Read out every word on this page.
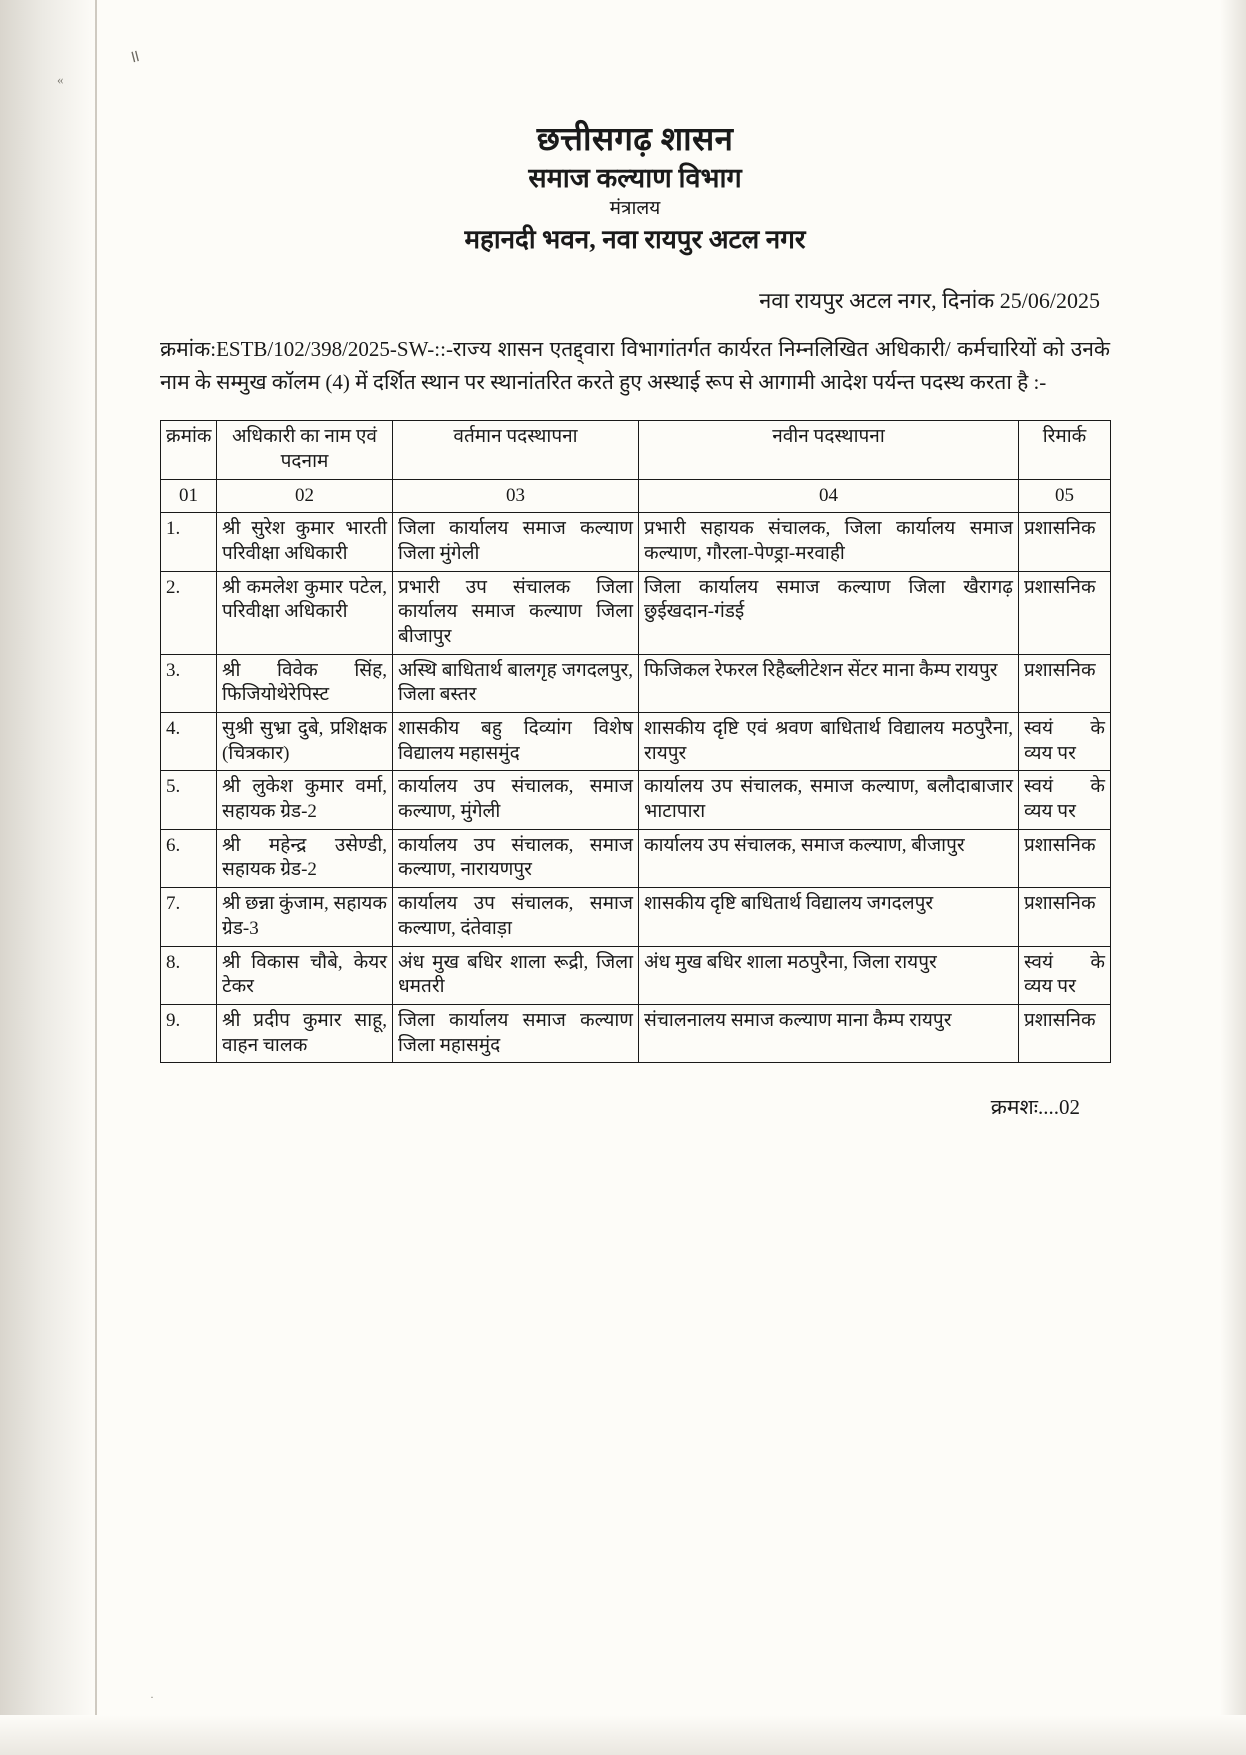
॥
«
·
छत्तीसगढ़ शासन
समाज कल्याण विभाग
मंत्रालय
महानदी भवन, नवा रायपुर अटल नगर
नवा रायपुर अटल नगर, दिनांक 25/06/2025
क्रमांक:ESTB/102/398/2025-SW-::-राज्य शासन एतद्द्वारा विभागांतर्गत कार्यरत निम्नलिखित अधिकारी/ कर्मचारियों को उनके नाम के सम्मुख कॉलम (4) में दर्शित स्थान पर स्थानांतरित करते हुए अस्थाई रूप से आगामी आदेश पर्यन्त पदस्थ करता है :-
क्रमांक	अधिकारी का नाम एवं पदनाम	वर्तमान पदस्थापना	नवीन पदस्थापना	रिमार्क
01	02	03	04	05
1.	श्री सुरेश कुमार भारती परिवीक्षा अधिकारी	जिला कार्यालय समाज कल्याण जिला मुंगेली	प्रभारी सहायक संचालक, जिला कार्यालय समाज कल्याण, गौरला-पेण्ड्रा-मरवाही	प्रशासनिक
2.	श्री कमलेश कुमार पटेल, परिवीक्षा अधिकारी	प्रभारी उप संचालक जिला कार्यालय समाज कल्याण जिला बीजापुर	जिला कार्यालय समाज कल्याण जिला खैरागढ़ छुईखदान-गंडई	प्रशासनिक
3.	श्री विवेक सिंह, फिजियोथेरेपिस्ट	अस्थि बाधितार्थ बालगृह जगदलपुर, जिला बस्तर	फिजिकल रेफरल रिहैब्लीटेशन सेंटर माना कैम्प रायपुर	प्रशासनिक
4.	सुश्री सुभ्रा दुबे, प्रशिक्षक (चित्रकार)	शासकीय बहु दिव्यांग विशेष विद्यालय महासमुंद	शासकीय दृष्टि एवं श्रवण बाधितार्थ विद्यालय मठपुरैना, रायपुर	स्वयं के व्यय पर
5.	श्री लुकेश कुमार वर्मा, सहायक ग्रेड-2	कार्यालय उप संचालक, समाज कल्याण, मुंगेली	कार्यालय उप संचालक, समाज कल्याण, बलौदाबाजार भाटापारा	स्वयं के व्यय पर
6.	श्री महेन्द्र उसेण्डी, सहायक ग्रेड-2	कार्यालय उप संचालक, समाज कल्याण, नारायणपुर	कार्यालय उप संचालक, समाज कल्याण, बीजापुर	प्रशासनिक
7.	श्री छन्ना कुंजाम, सहायक ग्रेड-3	कार्यालय उप संचालक, समाज कल्याण, दंतेवाड़ा	शासकीय दृष्टि बाधितार्थ विद्यालय जगदलपुर	प्रशासनिक
8.	श्री विकास चौबे, केयर टेकर	अंध मुख बधिर शाला रूद्री, जिला धमतरी	अंध मुख बधिर शाला मठपुरैना, जिला रायपुर	स्वयं के व्यय पर
9.	श्री प्रदीप कुमार साहू, वाहन चालक	जिला कार्यालय समाज कल्याण जिला महासमुंद	संचालनालय समाज कल्याण माना कैम्प रायपुर	प्रशासनिक
क्रमशः....02
